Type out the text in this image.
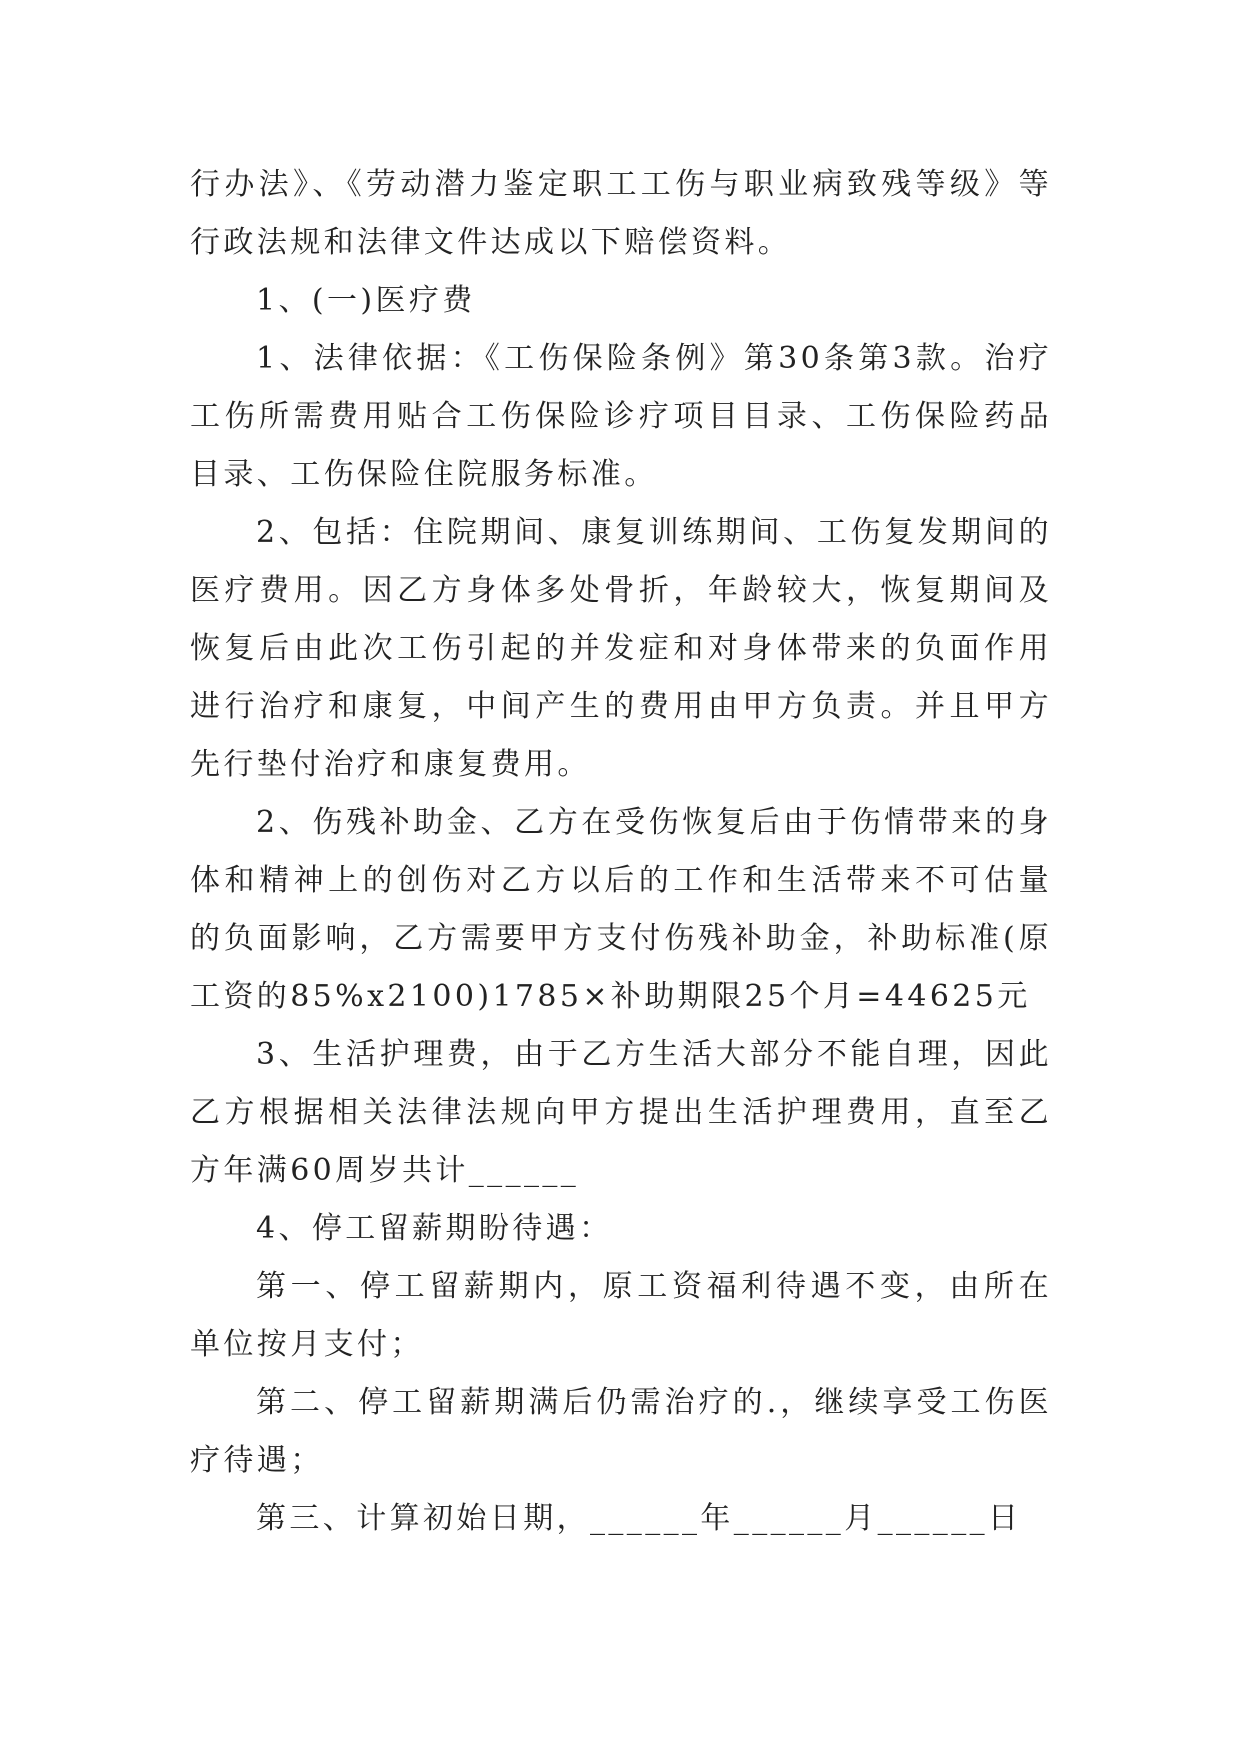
行办法》、《劳动潜力鉴定职工工伤与职业病致残等级》等行政法规和法律文件达成以下赔偿资料。

1、(一)医疗费

1、法律依据：《工伤保险条例》第30条第3款。治疗工伤所需费用贴合工伤保险诊疗项目目录、工伤保险药品目录、工伤保险住院服务标准。

2、包括：住院期间、康复训练期间、工伤复发期间的医疗费用。因乙方身体多处骨折，年龄较大，恢复期间及恢复后由此次工伤引起的并发症和对身体带来的负面作用进行治疗和康复，中间产生的费用由甲方负责。并且甲方先行垫付治疗和康复费用。

2、伤残补助金、乙方在受伤恢复后由于伤情带来的身体和精神上的创伤对乙方以后的工作和生活带来不可估量的负面影响，乙方需要甲方支付伤残补助金，补助标准(原工资的85%x2100)1785×补助期限25个月=44625元

3、生活护理费，由于乙方生活大部分不能自理，因此乙方根据相关法律法规向甲方提出生活护理费用，直至乙方年满60周岁共计______

4、停工留薪期盼待遇：

第一、停工留薪期内，原工资福利待遇不变，由所在单位按月支付；

第二、停工留薪期满后仍需治疗的.，继续享受工伤医疗待遇；

第三、计算初始日期，______年______月______日
